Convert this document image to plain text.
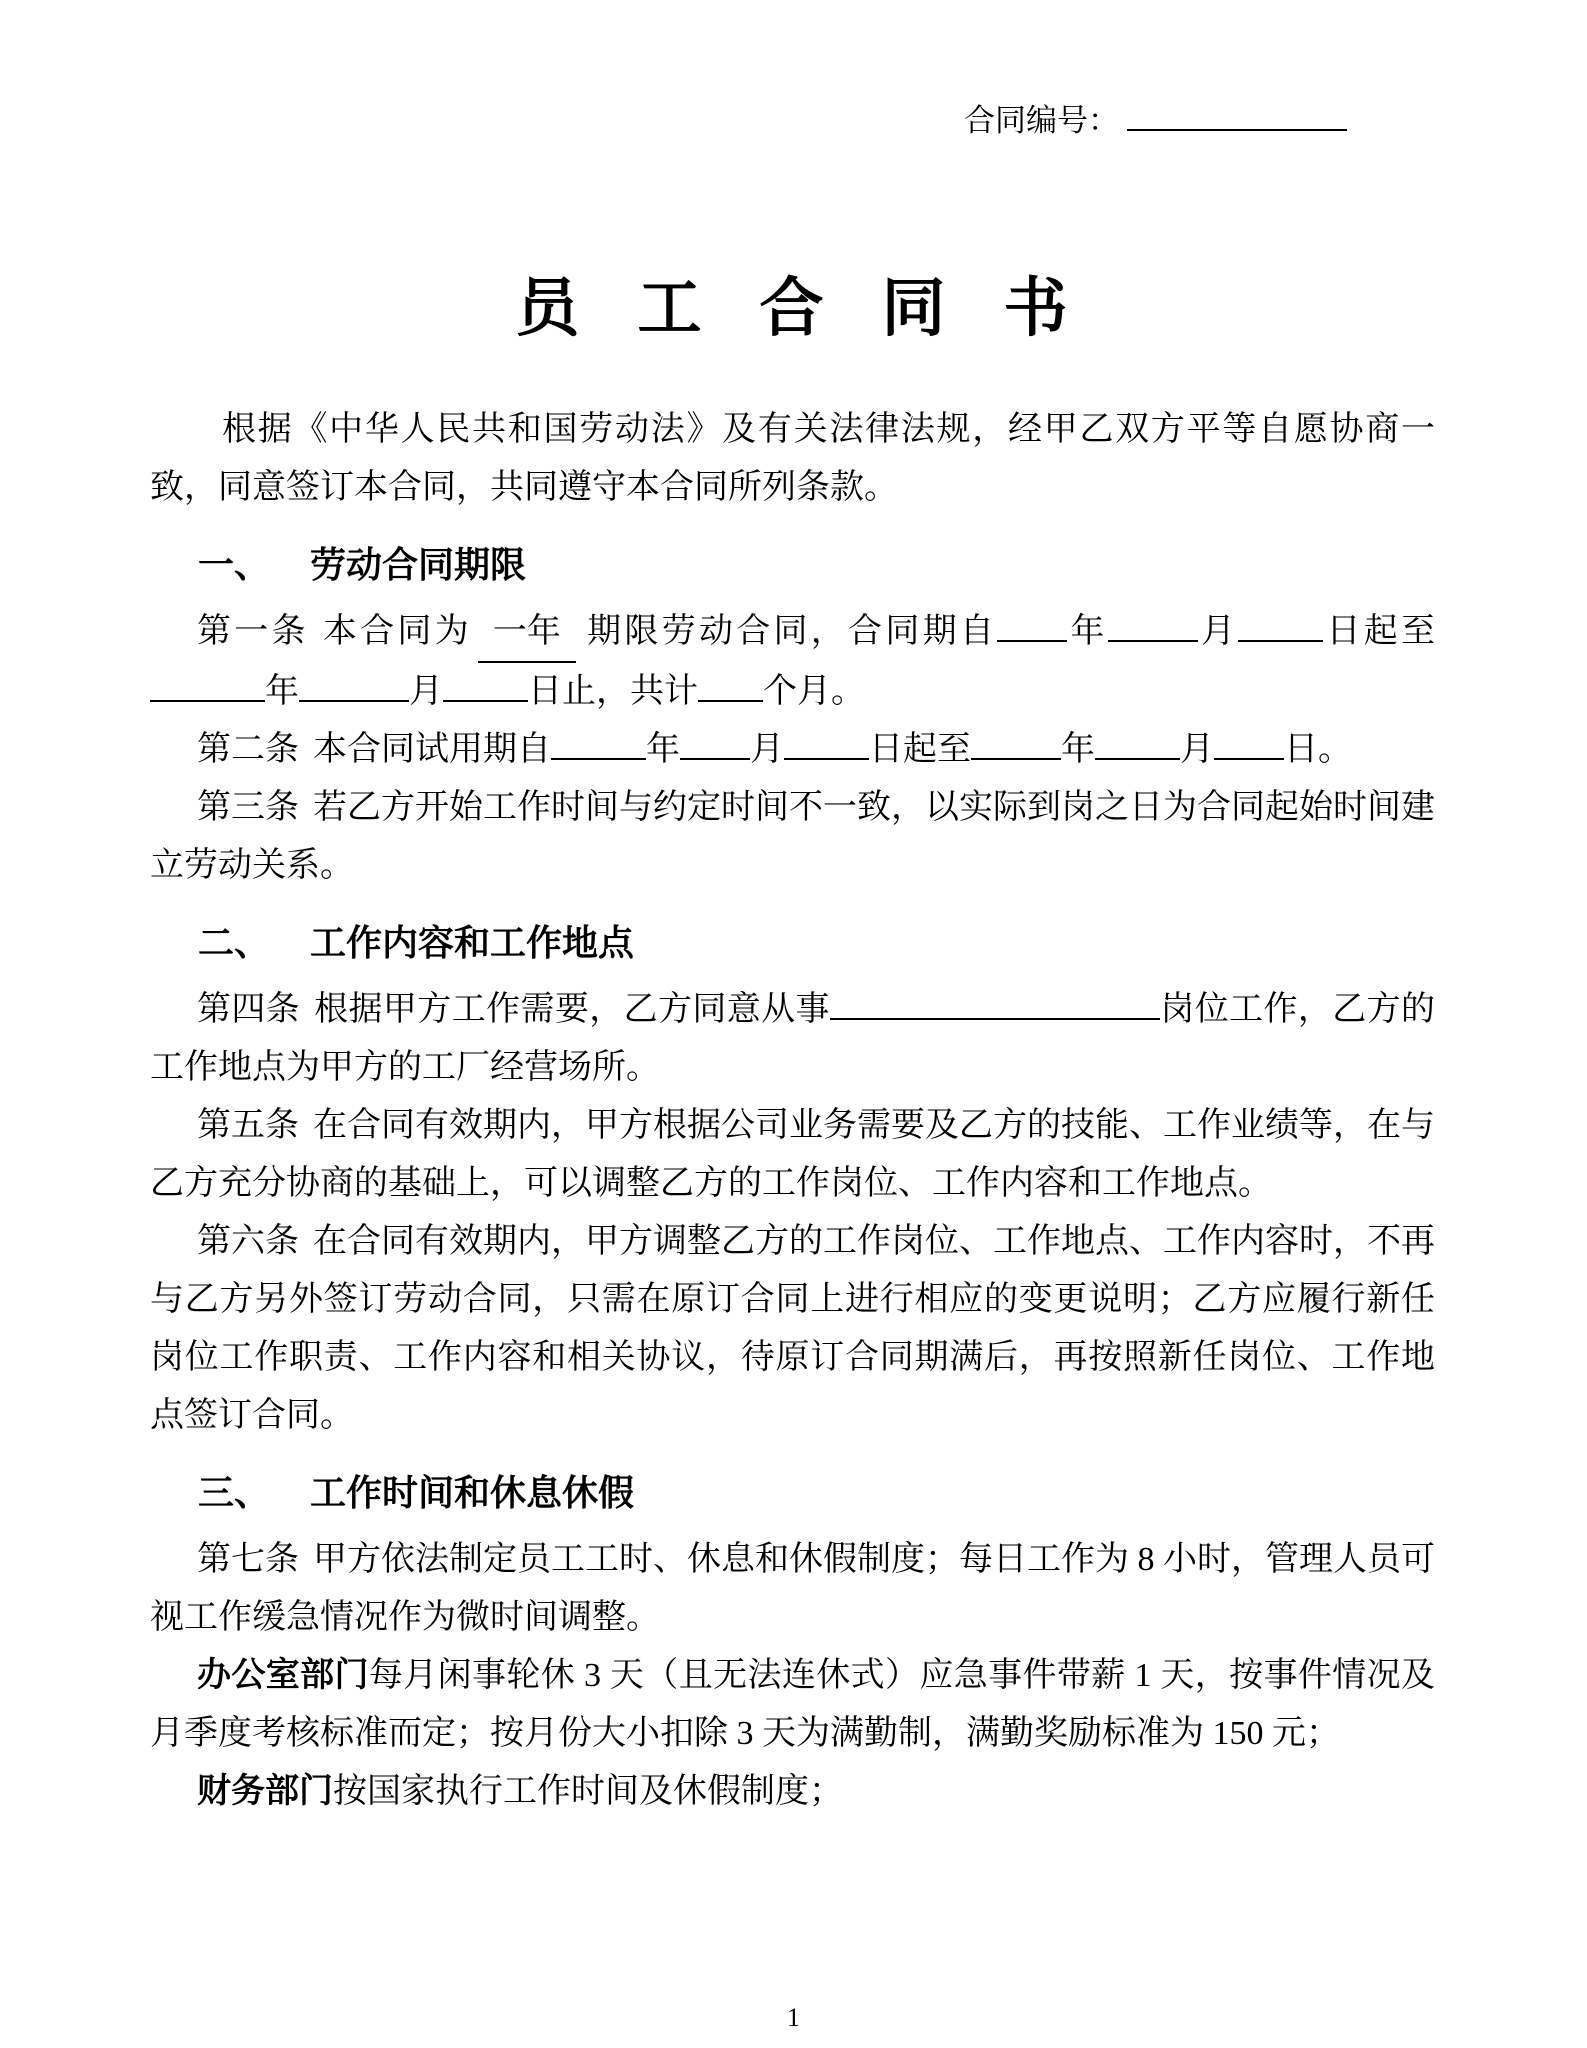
合同编号：
员 工 合 同 书

根据《中华人民共和国劳动法》及有关法律法规，经甲乙双方平等自愿协商一致，同意签订本合同，共同遵守本合同所列条款。

一、 劳动合同期限

第一条 本合同为 一年 期限劳动合同，合同期自 年	月	日起至年	月	日止，共计 个月。

第二条 本合同试用期自	年 月	日起至	年	月 日。

第三条 若乙方开始工作时间与约定时间不一致，以实际到岗之日为合同起始时间建立劳动关系。

二、 工作内容和工作地点

第四条 根据甲方工作需要，乙方同意从事	岗位工作，乙方的工作地点为甲方的工厂经营场所。

第五条 在合同有效期内，甲方根据公司业务需要及乙方的技能、工作业绩等，在与乙方充分协商的基础上，可以调整乙方的工作岗位、工作内容和工作地点。

第六条 在合同有效期内，甲方调整乙方的工作岗位、工作地点、工作内容时，不再与乙方另外签订劳动合同，只需在原订合同上进行相应的变更说明；乙方应履行新任岗位工作职责、工作内容和相关协议，待原订合同期满后，再按照新任岗位、工作地点签订合同。

三、 工作时间和休息休假

第七条 甲方依法制定员工工时、休息和休假制度；每日工作为 8 小时，管理人员可视工作缓急情况作为微时间调整。

办公室部门每月闲事轮休 3 天（且无法连休式）应急事件带薪 1 天，按事件情况及月季度考核标准而定；按月份大小扣除 3 天为满勤制，满勤奖励标准为 150 元；

财务部门按国家执行工作时间及休假制度；

1
